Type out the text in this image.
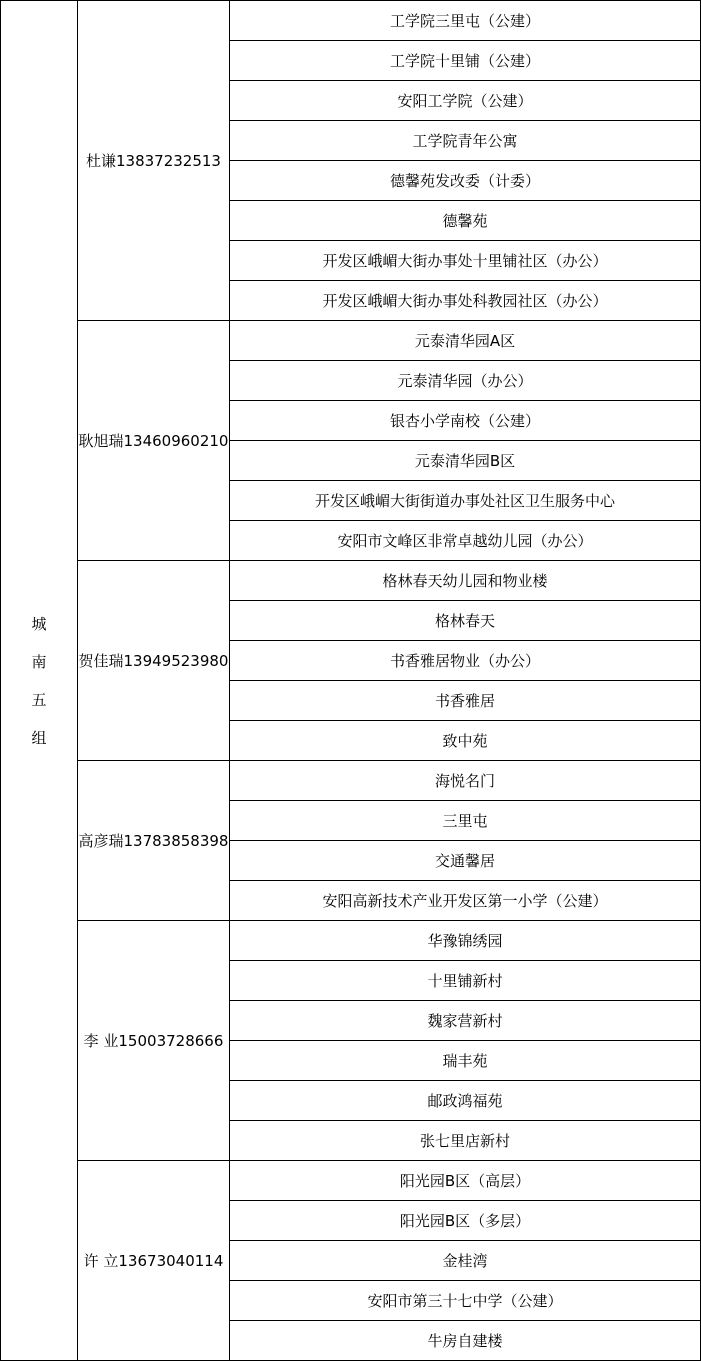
城
南
五
组	杜谦13837232513	工学院三里屯（公建）
		工学院十里铺（公建）
		安阳工学院（公建）
		工学院青年公寓
		德馨苑发改委（计委）
		德馨苑
		开发区峨嵋大街办事处十里铺社区（办公）
		开发区峨嵋大街办事处科教园社区（办公）
	耿旭瑞13460960210	元泰清华园A区
		元泰清华园（办公）
		银杏小学南校（公建）
		元泰清华园B区
		开发区峨嵋大街街道办事处社区卫生服务中心
		安阳市文峰区非常卓越幼儿园（办公）
	贺佳瑞13949523980	格林春天幼儿园和物业楼
		格林春天
		书香雅居物业（办公）
		书香雅居
		致中苑
	高彦瑞13783858398	海悦名门
		三里屯
		交通馨居
		安阳高新技术产业开发区第一小学（公建）
	李 业15003728666	华豫锦绣园
		十里铺新村
		魏家营新村
		瑞丰苑
		邮政鸿福苑
		张七里店新村
	许 立13673040114	阳光园B区（高层）
		阳光园B区（多层）
		金桂湾
		安阳市第三十七中学（公建）
		牛房自建楼
